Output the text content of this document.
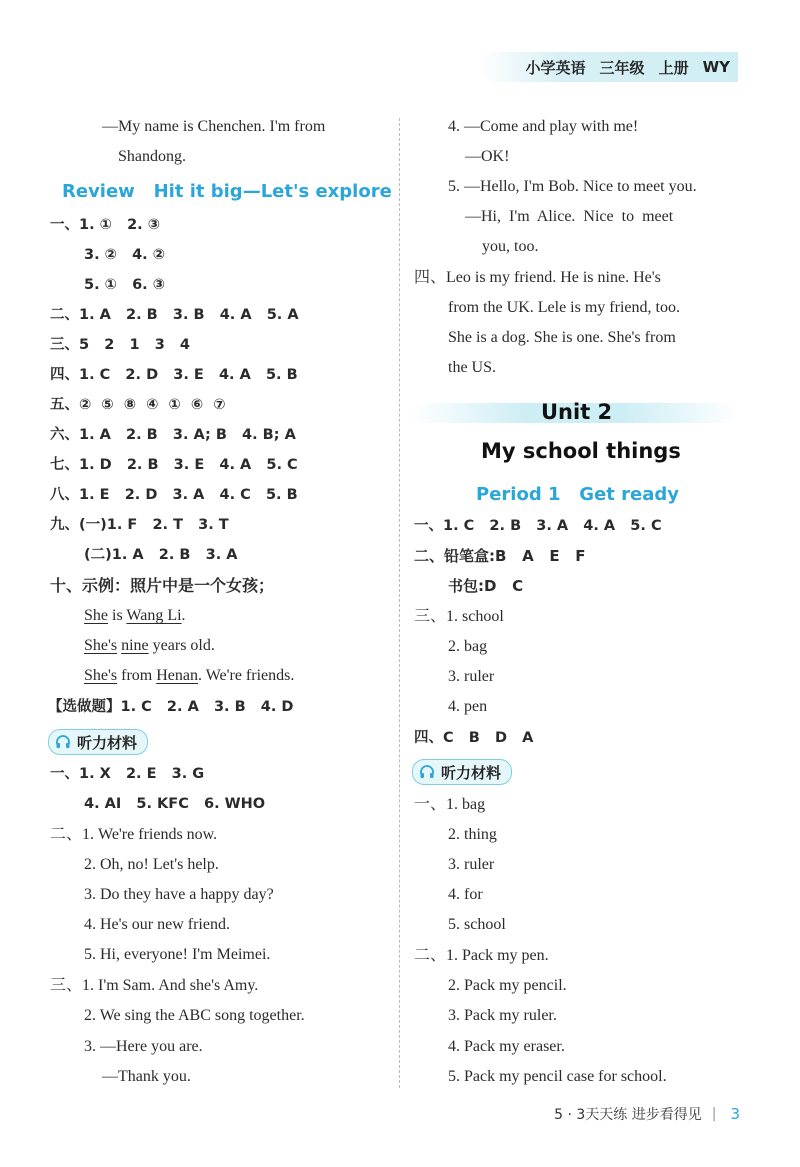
小学英语 三年级 上册 WY
—My name is Chenchen. I'm from
Shandong.
Review   Hit it big—Let's explore
一、1. ①   2. ③
3. ②   4. ②
5. ①   6. ③
二、1. A   2. B   3. B   4. A   5. A
三、5   2   1   3   4
四、1. C   2. D   3. E   4. A   5. B
五、②  ⑤  ⑧  ④  ①  ⑥  ⑦
六、1. A   2. B   3. A; B   4. B; A
七、1. D   2. B   3. E   4. A   5. C
八、1. E   2. D   3. A   4. C   5. B
九、(一)1. F   2. T   3. T
(二)1. A   2. B   3. A
十、示例：照片中是一个女孩；
She is Wang Li.
She's nine years old.
She's from Henan. We're friends.
【选做题】1. C   2. A   3. B   4. D
听力材料
一、1. X   2. E   3. G
4. AI   5. KFC   6. WHO
二、1. We're friends now.
2. Oh, no! Let's help.
3. Do they have a happy day?
4. He's our new friend.
5. Hi, everyone! I'm Meimei.
三、1. I'm Sam. And she's Amy.
2. We sing the ABC song together.
3. —Here you are.
—Thank you.
4. —Come and play with me!
—OK!
5. —Hello, I'm Bob. Nice to meet you.
—Hi,  I'm  Alice.  Nice  to  meet
you, too.
四、Leo is my friend. He is nine. He's
from the UK. Lele is my friend, too.
She is a dog. She is one. She's from
the US.
Unit 2
My school things
Period 1   Get ready
一、1. C   2. B   3. A   4. A   5. C
二、铅笔盒:B   A   E   F
书包:D   C
三、1. school
2. bag
3. ruler
4. pen
四、C   B   D   A
听力材料
一、1. bag
2. thing
3. ruler
4. for
5. school
二、1. Pack my pen.
2. Pack my pencil.
3. Pack my ruler.
4. Pack my eraser.
5. Pack my pencil case for school.
5 · 3天天练 进步看得见 | 3
